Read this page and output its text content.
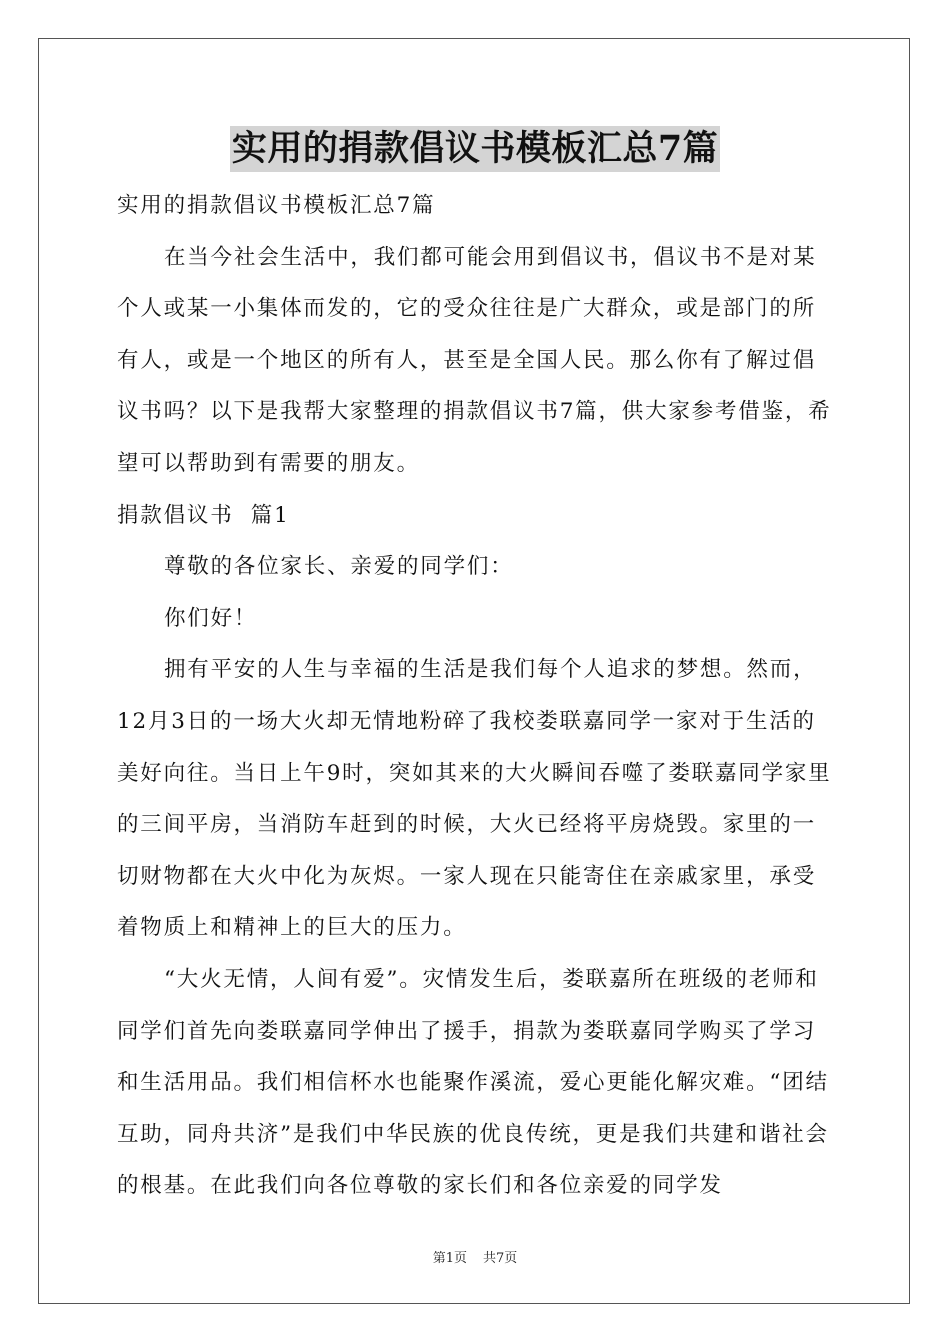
实用的捐款倡议书模板汇总7篇

实用的捐款倡议书模板汇总7篇

在当今社会生活中，我们都可能会用到倡议书，倡议书不是对某个人或某一小集体而发的，它的受众往往是广大群众，或是部门的所有人，或是一个地区的所有人，甚至是全国人民。那么你有了解过倡议书吗？以下是我帮大家整理的捐款倡议书7篇，供大家参考借鉴，希望可以帮助到有需要的朋友。

捐款倡议书  篇1

尊敬的各位家长、亲爱的同学们：

你们好！

拥有平安的人生与幸福的生活是我们每个人追求的梦想。然而，12月3日的一场大火却无情地粉碎了我校娄联嘉同学一家对于生活的美好向往。当日上午9时，突如其来的大火瞬间吞噬了娄联嘉同学家里的三间平房，当消防车赶到的时候，大火已经将平房烧毁。家里的一切财物都在大火中化为灰烬。一家人现在只能寄住在亲戚家里，承受着物质上和精神上的巨大的压力。

“大火无情，人间有爱”。灾情发生后，娄联嘉所在班级的老师和同学们首先向娄联嘉同学伸出了援手，捐款为娄联嘉同学购买了学习和生活用品。我们相信杯水也能聚作溪流，爱心更能化解灾难。“团结互助，同舟共济”是我们中华民族的优良传统，更是我们共建和谐社会的根基。在此我们向各位尊敬的家长们和各位亲爱的同学发

第1页 共7页
